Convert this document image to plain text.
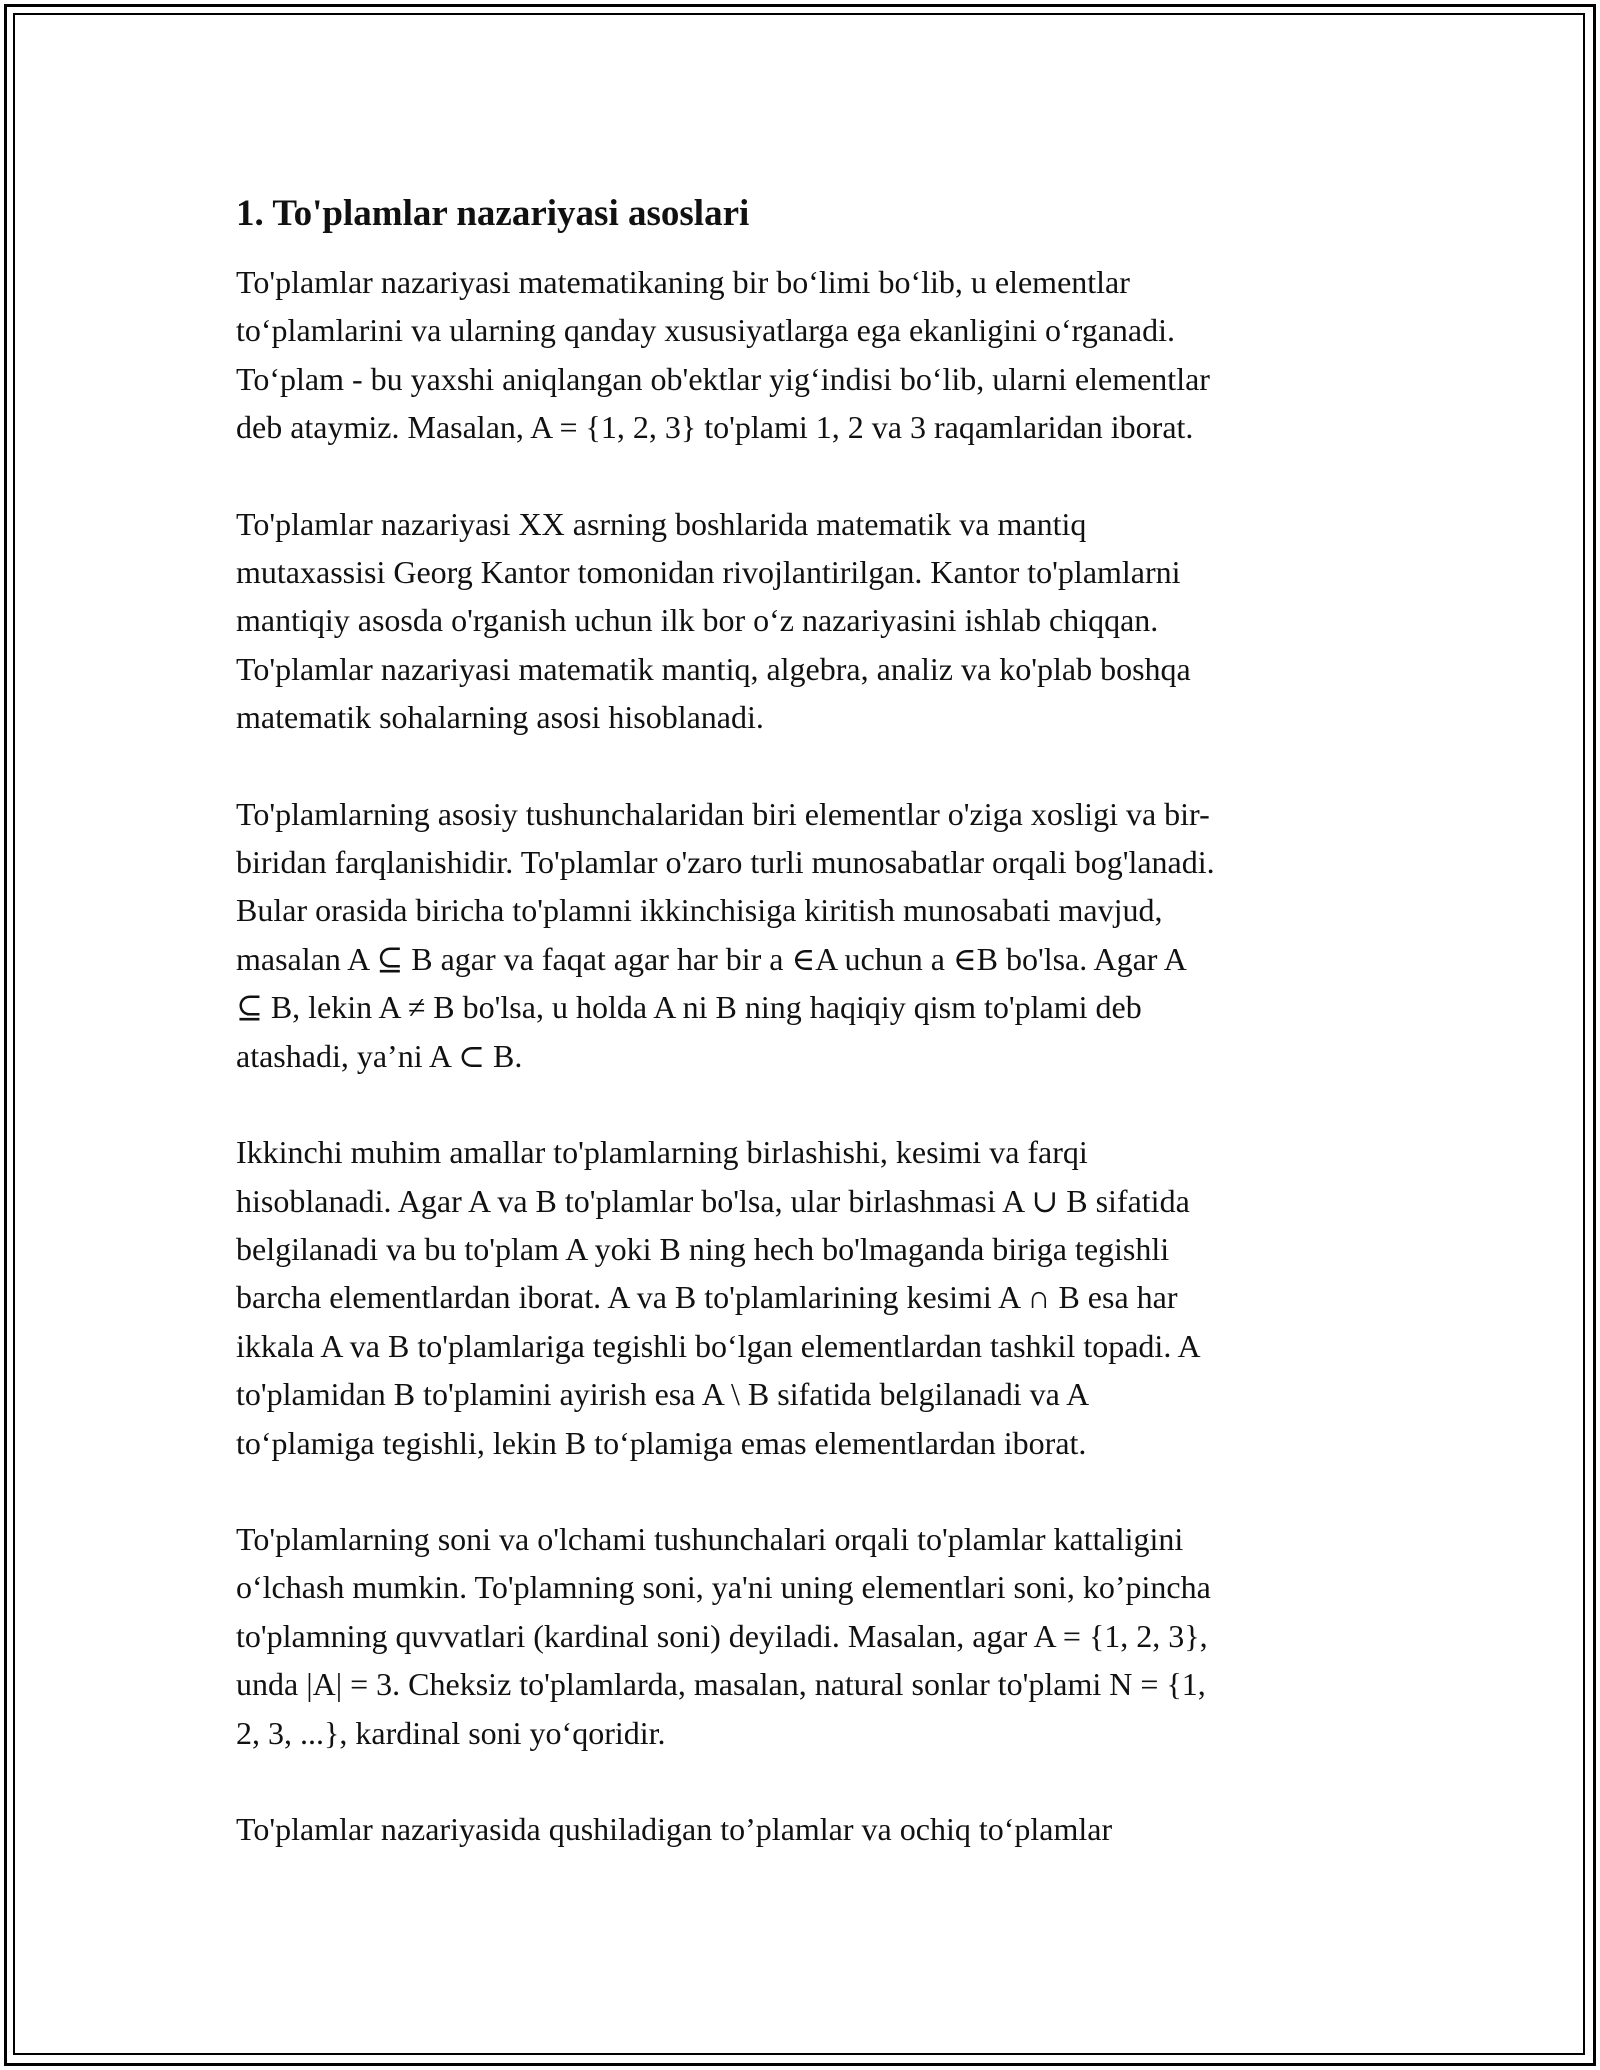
1. To'plamlar nazariyasi asoslari

To'plamlar nazariyasi matematikaning bir bo‘limi bo‘lib, u elementlar
to‘plamlarini va ularning qanday xususiyatlarga ega ekanligini o‘rganadi.
To‘plam - bu yaxshi aniqlangan ob'ektlar yig‘indisi bo‘lib, ularni elementlar
deb ataymiz. Masalan, A = {1, 2, 3} to'plami 1, 2 va 3 raqamlaridan iborat.

To'plamlar nazariyasi XX asrning boshlarida matematik va mantiq
mutaxassisi Georg Kantor tomonidan rivojlantirilgan. Kantor to'plamlarni
mantiqiy asosda o'rganish uchun ilk bor o‘z nazariyasini ishlab chiqqan.
To'plamlar nazariyasi matematik mantiq, algebra, analiz va ko'plab boshqa
matematik sohalarning asosi hisoblanadi.

To'plamlarning asosiy tushunchalaridan biri elementlar o'ziga xosligi va bir-
biridan farqlanishidir. To'plamlar o'zaro turli munosabatlar orqali bog'lanadi.
Bular orasida biricha to'plamni ikkinchisiga kiritish munosabati mavjud,
masalan A ⊆ B agar va faqat agar har bir a ∈A uchun a ∈B bo'lsa. Agar A
⊆ B, lekin A ≠ B bo'lsa, u holda A ni B ning haqiqiy qism to'plami deb
atashadi, ya’ni A ⊂ B.

Ikkinchi muhim amallar to'plamlarning birlashishi, kesimi va farqi
hisoblanadi. Agar A va B to'plamlar bo'lsa, ular birlashmasi A ∪ B sifatida
belgilanadi va bu to'plam A yoki B ning hech bo'lmaganda biriga tegishli
barcha elementlardan iborat. A va B to'plamlarining kesimi A ∩ B esa har
ikkala A va B to'plamlariga tegishli bo‘lgan elementlardan tashkil topadi. A
to'plamidan B to'plamini ayirish esa A \ B sifatida belgilanadi va A
to‘plamiga tegishli, lekin B to‘plamiga emas elementlardan iborat.

To'plamlarning soni va o'lchami tushunchalari orqali to'plamlar kattaligini
o‘lchash mumkin. To'plamning soni, ya'ni uning elementlari soni, ko’pincha
to'plamning quvvatlari (kardinal soni) deyiladi. Masalan, agar A = {1, 2, 3},
unda |A| = 3. Cheksiz to'plamlarda, masalan, natural sonlar to'plami N = {1,
2, 3, ...}, kardinal soni yo‘qoridir.

To'plamlar nazariyasida qushiladigan to’plamlar va ochiq to‘plamlar
